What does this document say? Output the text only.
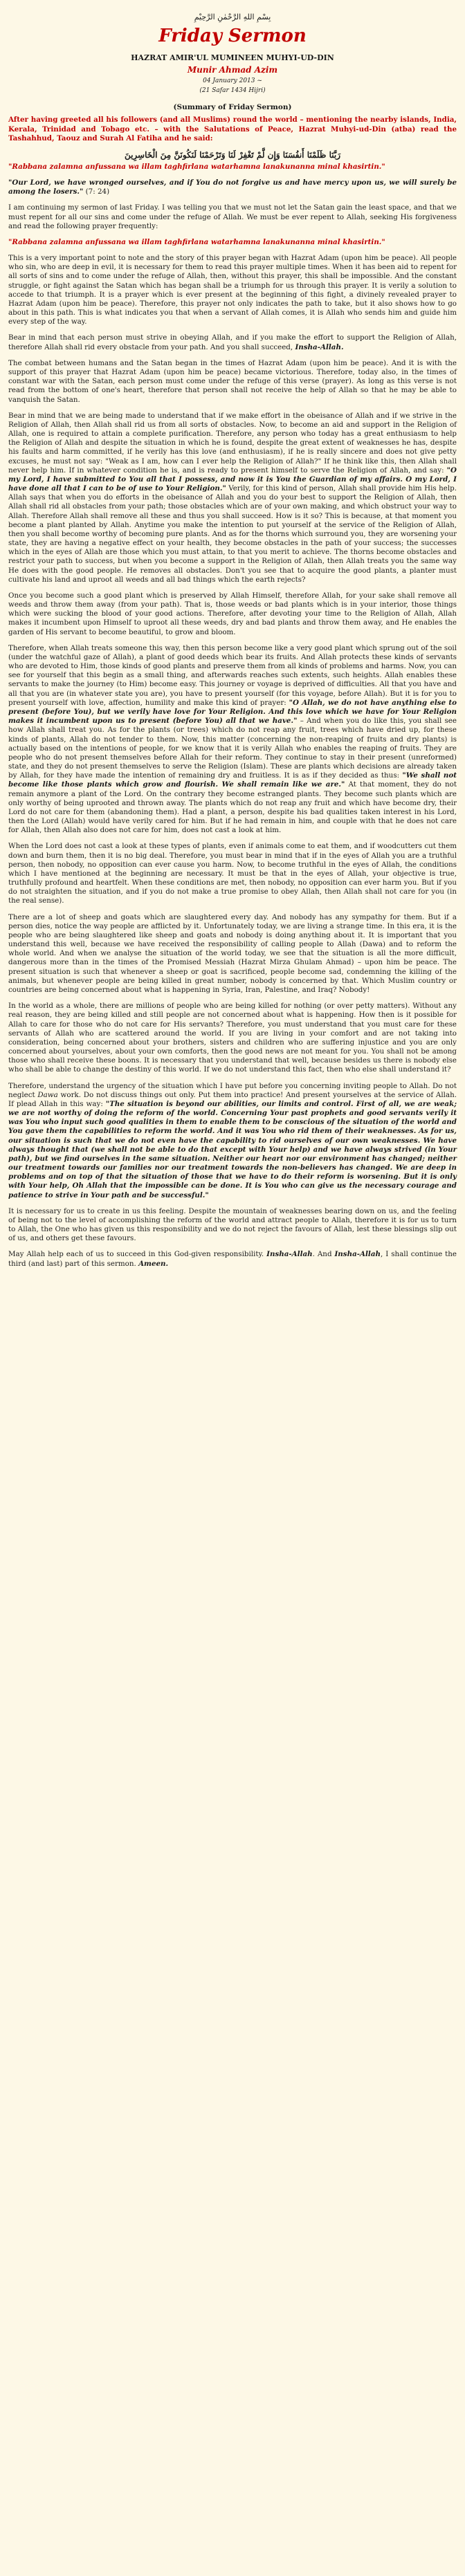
بِسْمِ اللهِ الرَّحْمٰنِ الرَّحِيْمِ
Friday Sermon
HAZRAT AMIR'UL MUMINEEN MUHYI-UD-DIN
Munir Ahmad Azim
04 January 2013 ~
(21 Safar 1434 Hijri)
(Summary of Friday Sermon)

After having greeted all his followers (and all Muslims) round the world – mentioning the nearby islands, India, Kerala, Trinidad and Tobago etc. – with the Salutations of Peace, Hazrat Muhyi-ud-Din (atba) read the Tashahhud, Taouz and Surah Al Fatiha and he said:

رَبَّنَا ظَلَمْنَا أَنفُسَنَا وَإِن لَّمْ تَغْفِرْ لَنَا وَتَرْحَمْنَا لَنَكُونَنَّ مِنَ الْخَاسِرِينَ

"Rabbana zalamna anfussana wa illam taghfirlana watarhamna lanakunanna minal khasirtin."

"Our Lord, we have wronged ourselves, and if You do not forgive us and have mercy upon us, we will surely be among the losers." (7: 24)

I am continuing my sermon of last Friday. I was telling you that we must not let the Satan gain the least space, and that we must repent for all our sins and come under the refuge of Allah. We must be ever repent to Allah, seeking His forgiveness and read the following prayer frequently:

"Rabbana zalamna anfussana wa illam taghfirlana watarhamna lanakunanna minal khasirtin."

This is a very important point to note and the story of this prayer began with Hazrat Adam (upon him be peace). All people who sin, who are deep in evil, it is necessary for them to read this prayer multiple times. When it has been aid to repent for all sorts of sins and to come under the refuge of Allah, then, without this prayer, this shall be impossible. And the constant struggle, or fight against the Satan which has began shall be a triumph for us through this prayer. It is verily a solution to accede to that triumph. It is a prayer which is ever present at the beginning of this fight, a divinely revealed prayer to Hazrat Adam (upon him be peace). Therefore, this prayer not only indicates the path to take, but it also shows how to go about in this path. This is what indicates you that when a servant of Allah comes, it is Allah who sends him and guide him every step of the way.

Bear in mind that each person must strive in obeying Allah, and if you make the effort to support the Religion of Allah, therefore Allah shall rid every obstacle from your path. And you shall succeed, Insha-Allah.

The combat between humans and the Satan began in the times of Hazrat Adam (upon him be peace). And it is with the support of this prayer that Hazrat Adam (upon him be peace) became victorious. Therefore, today also, in the times of constant war with the Satan, each person must come under the refuge of this verse (prayer). As long as this verse is not read from the bottom of one's heart, therefore that person shall not receive the help of Allah so that he may be able to vanquish the Satan.

Bear in mind that we are being made to understand that if we make effort in the obeisance of Allah and if we strive in the Religion of Allah, then Allah shall rid us from all sorts of obstacles. Now, to become an aid and support in the Religion of Allah, one is required to attain a complete purification. Therefore, any person who today has a great enthusiasm to help the Religion of Allah and despite the situation in which he is found, despite the great extent of weaknesses he has, despite his faults and harm committed, if he verily has this love (and enthusiasm), if he is really sincere and does not give petty excuses, he must not say: "Weak as I am, how can I ever help the Religion of Allah?" If he think like this, then Allah shall never help him. If in whatever condition he is, and is ready to present himself to serve the Religion of Allah, and say: "O my Lord, I have submitted to You all that I possess, and now it is You the Guardian of my affairs. O my Lord, I have done all that I can to be of use to Your Religion." Verily, for this kind of person, Allah shall provide him His help. Allah says that when you do efforts in the obeisance of Allah and you do your best to support the Religion of Allah, then Allah shall rid all obstacles from your path; those obstacles which are of your own making, and which obstruct your way to Allah. Therefore Allah shall remove all these and thus you shall succeed. How is it so? This is because, at that moment you become a plant planted by Allah. Anytime you make the intention to put yourself at the service of the Religion of Allah, then you shall become worthy of becoming pure plants. And as for the thorns which surround you, they are worsening your state, they are having a negative effect on your health, they become obstacles in the path of your success; the successes which in the eyes of Allah are those which you must attain, to that you merit to achieve. The thorns become obstacles and restrict your path to success, but when you become a support in the Religion of Allah, then Allah treats you the same way He does with the good people. He removes all obstacles. Don't you see that to acquire the good plants, a planter must cultivate his land and uproot all weeds and all bad things which the earth rejects?

Once you become such a good plant which is preserved by Allah Himself, therefore Allah, for your sake shall remove all weeds and throw them away (from your path). That is, those weeds or bad plants which is in your interior, those things which were sucking the blood of your good actions. Therefore, after devoting your time to the Religion of Allah, Allah makes it incumbent upon Himself to uproot all these weeds, dry and bad plants and throw them away, and He enables the garden of His servant to become beautiful, to grow and bloom.

Therefore, when Allah treats someone this way, then this person become like a very good plant which sprung out of the soil (under the watchful gaze of Allah), a plant of good deeds which bear its fruits. And Allah protects these kinds of servants who are devoted to Him, those kinds of good plants and preserve them from all kinds of problems and harms. Now, you can see for yourself that this begin as a small thing, and afterwards reaches such extents, such heights. Allah enables these servants to make the journey (to Him) become easy. This journey or voyage is deprived of difficulties. All that you have and all that you are (in whatever state you are), you have to present yourself (for this voyage, before Allah). But it is for you to present yourself with love, affection, humility and make this kind of prayer: "O Allah, we do not have anything else to present (before You), but we verily have love for Your Religion. And this love which we have for Your Religion makes it incumbent upon us to present (before You) all that we have." – And when you do like this, you shall see how Allah shall treat you. As for the plants (or trees) which do not reap any fruit, trees which have dried up, for these kinds of plants, Allah do not tender to them. Now, this matter (concerning the non-reaping of fruits and dry plants) is actually based on the intentions of people, for we know that it is verily Allah who enables the reaping of fruits. They are people who do not present themselves before Allah for their reform. They continue to stay in their present (unreformed) state, and they do not present themselves to serve the Religion (Islam). These are plants which decisions are already taken by Allah, for they have made the intention of remaining dry and fruitless. It is as if they decided as thus: "We shall not become like those plants which grow and flourish. We shall remain like we are." At that moment, they do not remain anymore a plant of the Lord. On the contrary they become estranged plants. They become such plants which are only worthy of being uprooted and thrown away. The plants which do not reap any fruit and which have become dry, their Lord do not care for them (abandoning them). Had a plant, a person, despite his bad qualities taken interest in his Lord, then the Lord (Allah) would have verily cared for him. But if he had remain in him, and couple with that he does not care for Allah, then Allah also does not care for him, does not cast a look at him.

When the Lord does not cast a look at these types of plants, even if animals come to eat them, and if woodcutters cut them down and burn them, then it is no big deal. Therefore, you must bear in mind that if in the eyes of Allah you are a truthful person, then nobody, no opposition can ever cause you harm. Now, to become truthful in the eyes of Allah, the conditions which I have mentioned at the beginning are necessary. It must be that in the eyes of Allah, your objective is true, truthfully profound and heartfelt. When these conditions are met, then nobody, no opposition can ever harm you. But if you do not straighten the situation, and if you do not make a true promise to obey Allah, then Allah shall not care for you (in the real sense).

There are a lot of sheep and goats which are slaughtered every day. And nobody has any sympathy for them. But if a person dies, notice the way people are afflicted by it. Unfortunately today, we are living a strange time. In this era, it is the people who are being slaughtered like sheep and goats and nobody is doing anything about it. It is important that you understand this well, because we have received the responsibility of calling people to Allah (Dawa) and to reform the whole world. And when we analyse the situation of the world today, we see that the situation is all the more difficult, dangerous more than in the times of the Promised Messiah (Hazrat Mirza Ghulam Ahmad) – upon him be peace. The present situation is such that whenever a sheep or goat is sacrificed, people become sad, condemning the killing of the animals, but whenever people are being killed in great number, nobody is concerned by that. Which Muslim country or countries are being concerned about what is happening in Syria, Iran, Palestine, and Iraq? Nobody!

In the world as a whole, there are millions of people who are being killed for nothing (or over petty matters). Without any real reason, they are being killed and still people are not concerned about what is happening. How then is it possible for Allah to care for those who do not care for His servants? Therefore, you must understand that you must care for these servants of Allah who are scattered around the world. If you are living in your comfort and are not taking into consideration, being concerned about your brothers, sisters and children who are suffering injustice and you are only concerned about yourselves, about your own comforts, then the good news are not meant for you. You shall not be among those who shall receive these boons. It is necessary that you understand that well, because besides us there is nobody else who shall be able to change the destiny of this world. If we do not understand this fact, then who else shall understand it?

Therefore, understand the urgency of the situation which I have put before you concerning inviting people to Allah. Do not neglect Dawa work. Do not discuss things out only. Put them into practice! And present yourselves at the service of Allah. If plead Allah in this way: "The situation is beyond our abilities, our limits and control. First of all, we are weak; we are not worthy of doing the reform of the world. Concerning Your past prophets and good servants verily it was You who input such good qualities in them to enable them to be conscious of the situation of the world and You gave them the capabilities to reform the world. And it was You who rid them of their weaknesses. As for us, our situation is such that we do not even have the capability to rid ourselves of our own weaknesses. We have always thought that (we shall not be able to do that except with Your help) and we have always strived (in Your path), but we find ourselves in the same situation. Neither our heart nor our environment has changed; neither our treatment towards our families nor our treatment towards the non-believers has changed. We are deep in problems and on top of that the situation of those that we have to do their reform is worsening. But it is only with Your help, Oh Allah that the impossible can be done. It is You who can give us the necessary courage and patience to strive in Your path and be successful."

It is necessary for us to create in us this feeling. Despite the mountain of weaknesses bearing down on us, and the feeling of being not to the level of accomplishing the reform of the world and attract people to Allah, therefore it is for us to turn to Allah, the One who has given us this responsibility and we do not reject the favours of Allah, lest these blessings slip out of us, and others get these favours.

May Allah help each of us to succeed in this God-given responsibility. Insha-Allah. And Insha-Allah, I shall continue the third (and last) part of this sermon. Ameen.
